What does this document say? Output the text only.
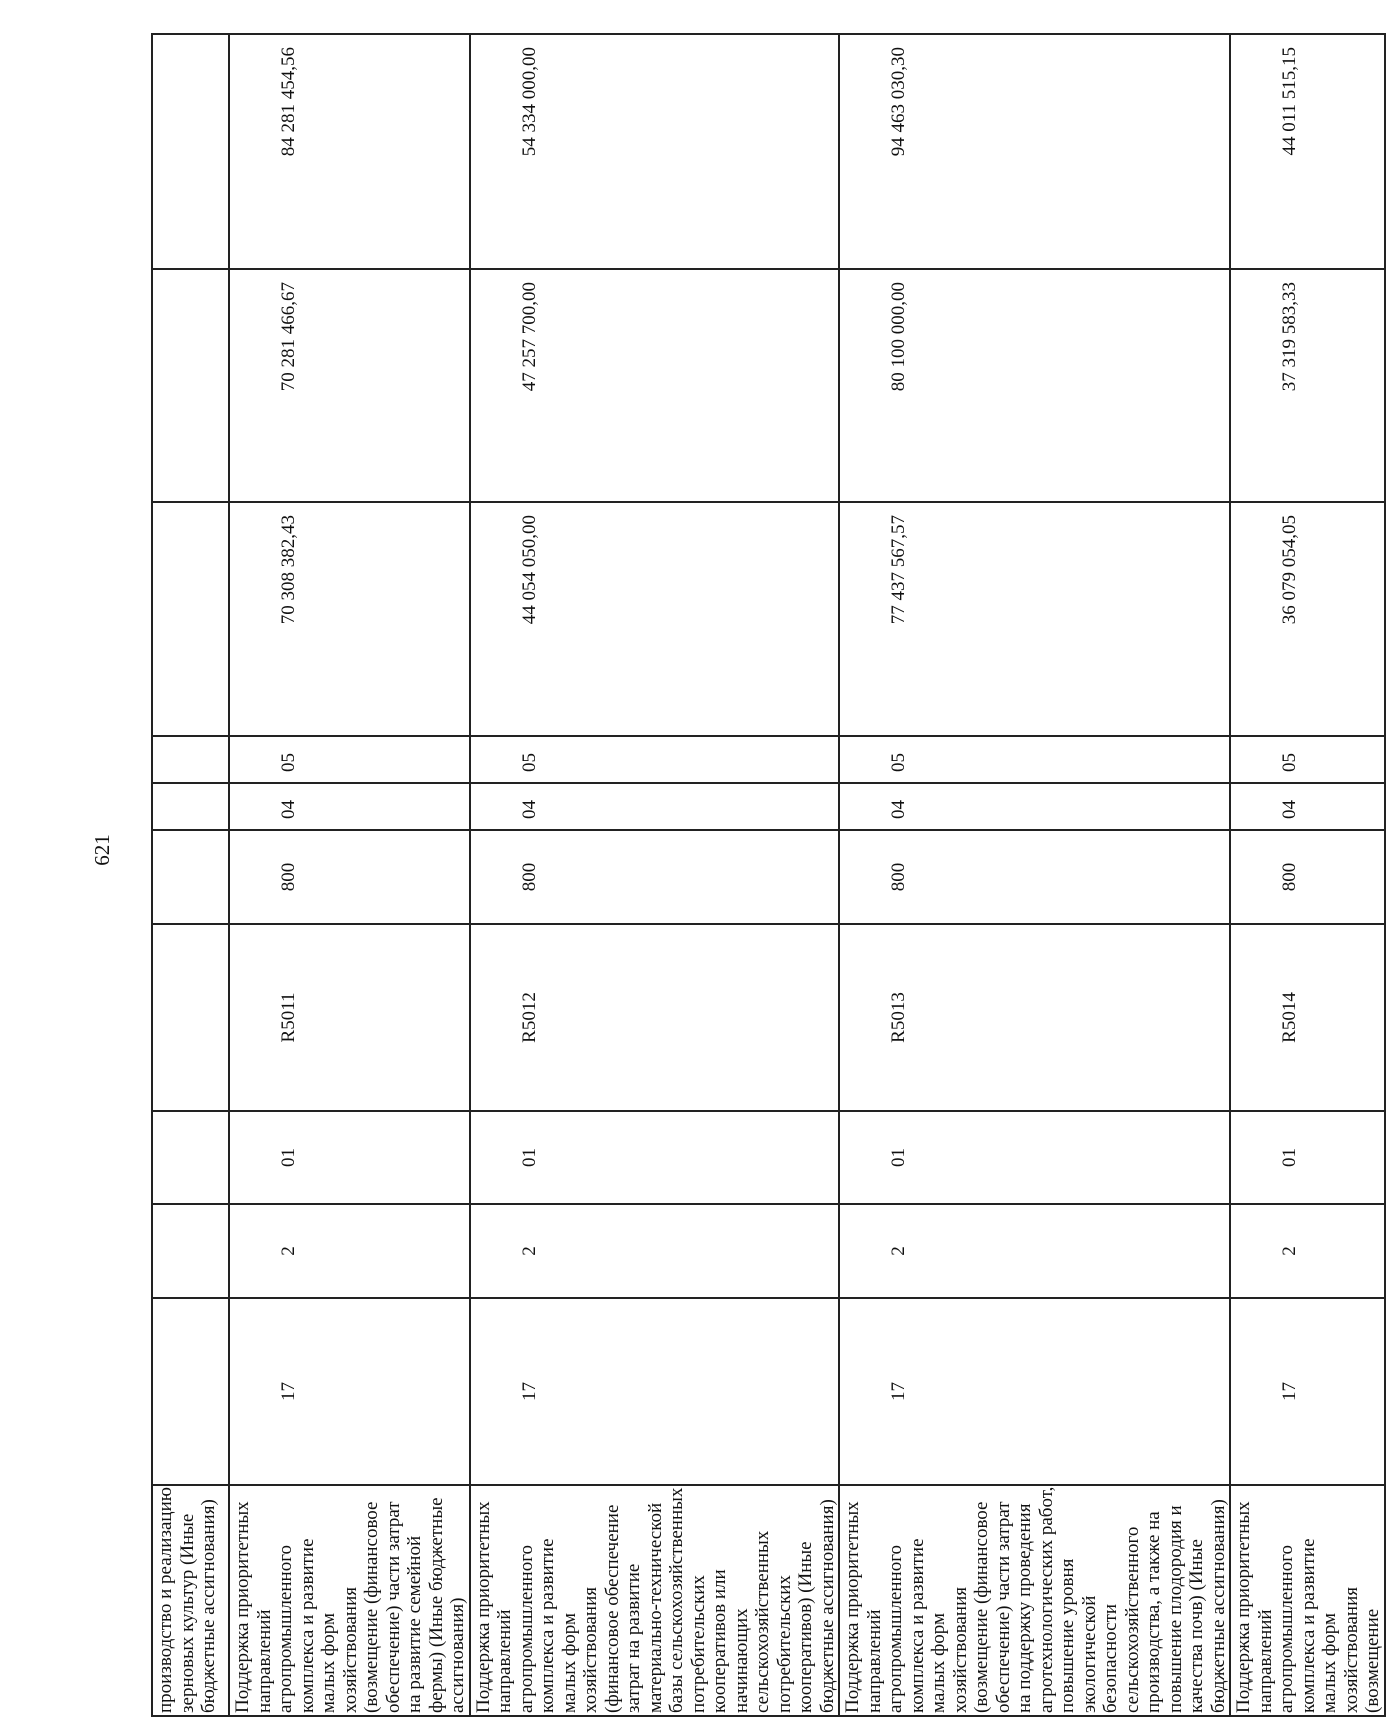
621
производство и реализацию зерновых культур (Иные бюджетные ассигнования)										

Поддержка приоритетных направлений агропромышленного комплекса и развитие малых форм хозяйствования (возмещение (финансовое обеспечение) части затрат на развитие семейной фермы) (Иные бюджетные ассигнования)	17	2	01	R5011	800	04	05	70 308 382,43	70 281 466,67	84 281 454,56

Поддержка приоритетных направлений агропромышленного комплекса и развитие малых форм хозяйствования (финансовое обеспечение затрат на развитие материально-технической базы сельскохозяйственных потребительских кооперативов или начинающих сельскохозяйственных потребительских кооперативов) (Иные бюджетные ассигнования)	17	2	01	R5012	800	04	05	44 054 050,00	47 257 700,00	54 334 000,00

Поддержка приоритетных направлений агропромышленного комплекса и развитие малых форм хозяйствования (возмещение (финансовое обеспечение) части затрат на поддержку проведения агротехнологических работ, повышение уровня экологической безопасности сельскохозяйственного производства, а также на повышение плодородия и качества почв) (Иные бюджетные ассигнования)	17	2	01	R5013	800	04	05	77 437 567,57	80 100 000,00	94 463 030,30

Поддержка приоритетных направлений агропромышленного комплекса и развитие малых форм хозяйствования (возмещение	17	2	01	R5014	800	04	05	36 079 054,05	37 319 583,33	44 011 515,15
